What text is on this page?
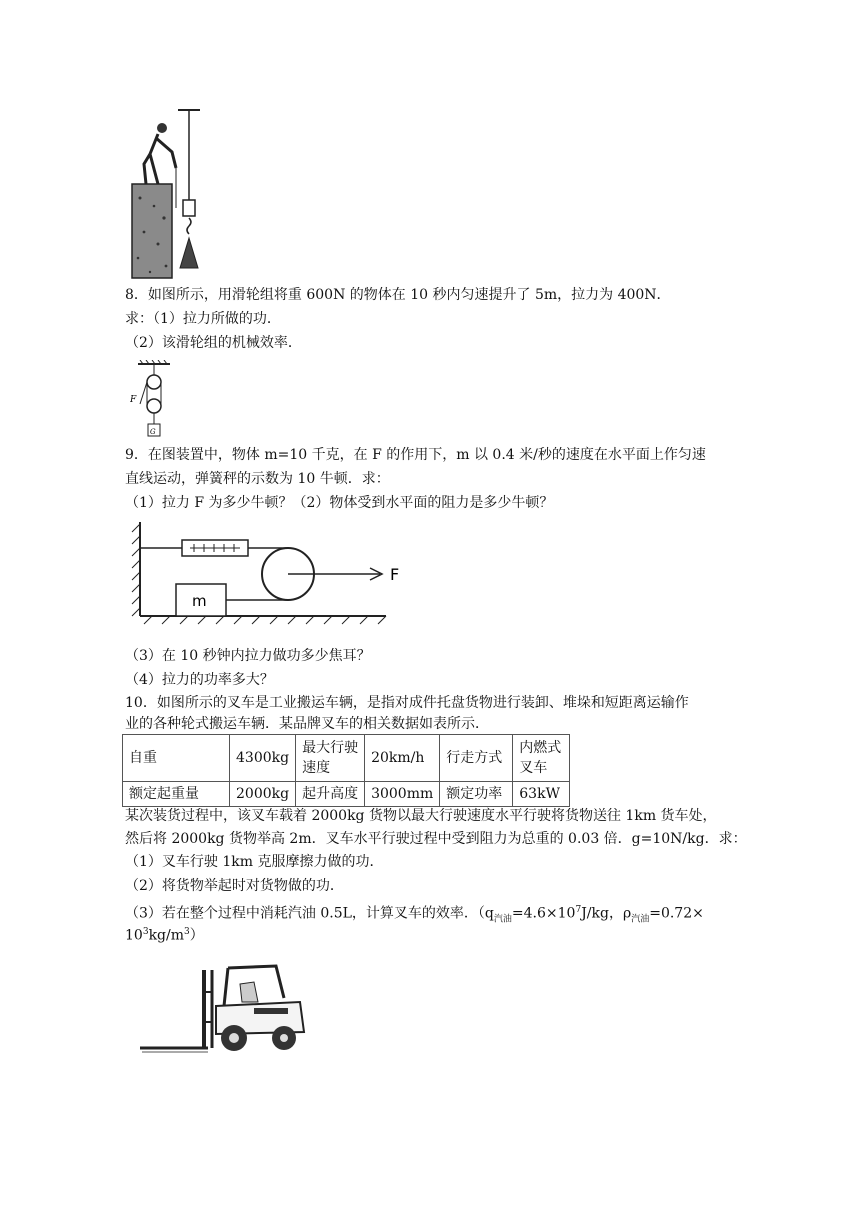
8．如图所示，用滑轮组将重 600N 的物体在 10 秒内匀速提升了 5m，拉力为 400N．
求：（1）拉力所做的功．
（2）该滑轮组的机械效率．
F
G
9．在图装置中，物体 m=10 千克，在 F 的作用下，m 以 0.4 米/秒的速度在水平面上作匀速
直线运动，弹簧秤的示数为 10 牛顿．求：
（1）拉力 F 为多少牛顿？（2）物体受到水平面的阻力是多少牛顿？
m
F
（3）在 10 秒钟内拉力做功多少焦耳？
（4）拉力的功率多大？
10．如图所示的叉车是工业搬运车辆，是指对成件托盘货物进行装卸、堆垛和短距离运输作
业的各种轮式搬运车辆．某品牌叉车的相关数据如表所示．
自重	4300kg	最大行驶速度	20km/h	行走方式	内燃式叉车
额定起重量	2000kg	起升高度	3000mm	额定功率	63kW
某次装货过程中，该叉车载着 2000kg 货物以最大行驶速度水平行驶将货物送往 1km 货车处，
然后将 2000kg 货物举高 2m．叉车水平行驶过程中受到阻力为总重的 0.03 倍．g=10N/kg．求：
（1）叉车行驶 1km 克服摩擦力做的功．
（2）将货物举起时对货物做的功．
（3）若在整个过程中消耗汽油 0.5L，计算叉车的效率．（$q_{汽油}=4.6\times 10^7J/kg$，$\rho_{汽油}=0.72\times$
$10^3kg/m^3$）
